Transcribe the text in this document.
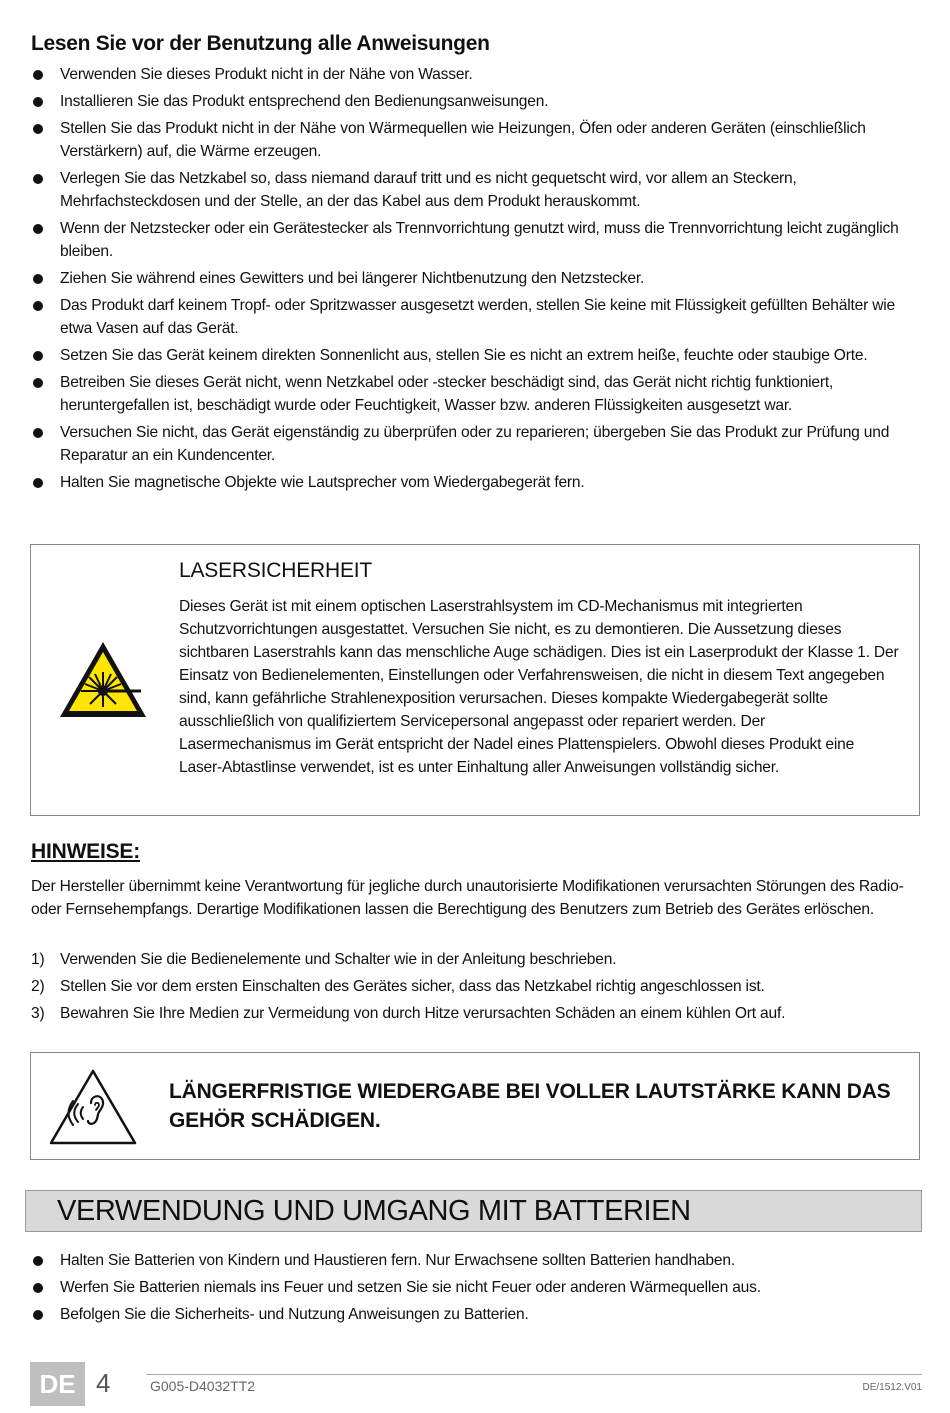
Lesen Sie vor der Benutzung alle Anweisungen
Verwenden Sie dieses Produkt nicht in der Nähe von Wasser.
Installieren Sie das Produkt entsprechend den Bedienungsanweisungen.
Stellen Sie das Produkt nicht in der Nähe von Wärmequellen wie Heizungen, Öfen oder anderen Geräten (einschließlich Verstärkern) auf, die Wärme erzeugen.
Verlegen Sie das Netzkabel so, dass niemand darauf tritt und es nicht gequetscht wird, vor allem an Steckern, Mehrfachsteckdosen und der Stelle, an der das Kabel aus dem Produkt herauskommt.
Wenn der Netzstecker oder ein Gerätestecker als Trennvorrichtung genutzt wird, muss die Trennvorrichtung leicht zugänglich bleiben.
Ziehen Sie während eines Gewitters und bei längerer Nichtbenutzung den Netzstecker.
Das Produkt darf keinem Tropf- oder Spritzwasser ausgesetzt werden, stellen Sie keine mit Flüssigkeit gefüllten Behälter wie etwa Vasen auf das Gerät.
Setzen Sie das Gerät keinem direkten Sonnenlicht aus, stellen Sie es nicht an extrem heiße, feuchte oder staubige Orte.
Betreiben Sie dieses Gerät nicht, wenn Netzkabel oder -stecker beschädigt sind, das Gerät nicht richtig funktioniert, heruntergefallen ist, beschädigt wurde oder Feuchtigkeit, Wasser bzw. anderen Flüssigkeiten ausgesetzt war.
Versuchen Sie nicht, das Gerät eigenständig zu überprüfen oder zu reparieren; übergeben Sie das Produkt zur Prüfung und Reparatur an ein Kundencenter.
Halten Sie magnetische Objekte wie Lautsprecher vom Wiedergabegerät fern.
LASERSICHERHEIT

Dieses Gerät ist mit einem optischen Laserstrahlsystem im CD-Mechanismus mit integrierten Schutzvorrichtungen ausgestattet. Versuchen Sie nicht, es zu demontieren. Die Aussetzung dieses sichtbaren Laserstrahls kann das menschliche Auge schädigen. Dies ist ein Laserprodukt der Klasse 1. Der Einsatz von Bedienelementen, Einstellungen oder Verfahrensweisen, die nicht in diesem Text angegeben sind, kann gefährliche Strahlenexposition verursachen. Dieses kompakte Wiedergabegerät sollte ausschließlich von qualifiziertem Servicepersonal angepasst oder repariert werden. Der Lasermechanismus im Gerät entspricht der Nadel eines Plattenspielers. Obwohl dieses Produkt eine Laser-Abtastlinse verwendet, ist es unter Einhaltung aller Anweisungen vollständig sicher.

HINWEISE:

Der Hersteller übernimmt keine Verantwortung für jegliche durch unautorisierte Modifikationen verursachten Störungen des Radio- oder Fernsehempfangs. Derartige Modifikationen lassen die Berechtigung des Benutzers zum Betrieb des Gerätes erlöschen.

1) Verwenden Sie die Bedienelemente und Schalter wie in der Anleitung beschrieben.
2) Stellen Sie vor dem ersten Einschalten des Gerätes sicher, dass das Netzkabel richtig angeschlossen ist.
3) Bewahren Sie Ihre Medien zur Vermeidung von durch Hitze verursachten Schäden an einem kühlen Ort auf.

LÄNGERFRISTIGE WIEDERGABE BEI VOLLER LAUTSTÄRKE KANN DAS GEHÖR SCHÄDIGEN.

VERWENDUNG UND UMGANG MIT BATTERIEN
Halten Sie Batterien von Kindern und Haustieren fern. Nur Erwachsene sollten Batterien handhaben.
Werfen Sie Batterien niemals ins Feuer und setzen Sie sie nicht Feuer oder anderen Wärmequellen aus.
Befolgen Sie die Sicherheits- und Nutzung Anweisungen zu Batterien.
DE 4	G005-D4032TT2	DE/1512.V01
